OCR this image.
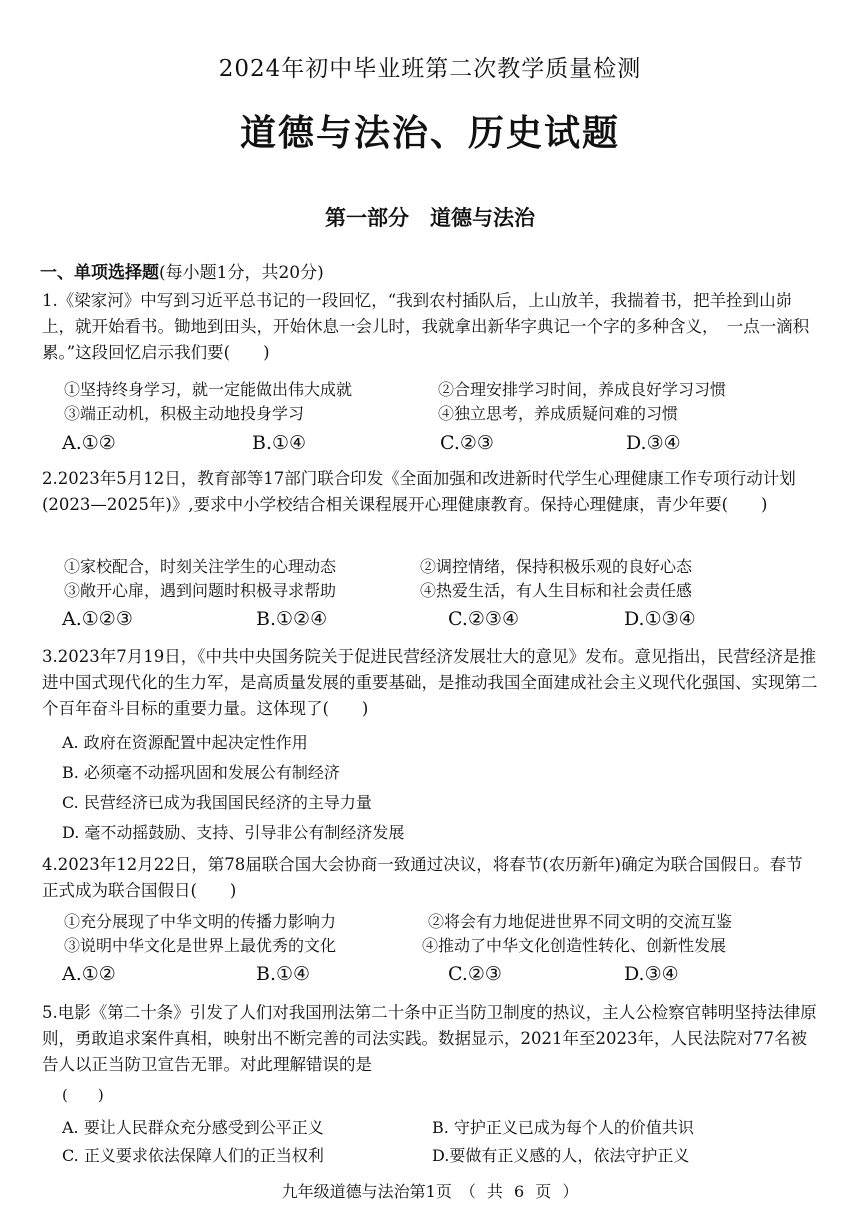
2024年初中毕业班第二次教学质量检测
道德与法治、历史试题
第一部分　道德与法治
一、单项选择题(每小题1分，共20分)
1.《梁家河》中写到习近平总书记的一段回忆，“我到农村插队后，上山放羊，我揣着书，把羊拴到山峁上，就开始看书。锄地到田头，开始休息一会儿时，我就拿出新华字典记一个字的多种含义，　一点一滴积累。”这段回忆启示我们要(　　)
①坚持终身学习，就一定能做出伟大成就	②合理安排学习时间，养成良好学习习惯
③端正动机，积极主动地投身学习	④独立思考，养成质疑问难的习惯
A.①②	B.①④	C.②③	D.③④
2.2023年5月12日，教育部等17部门联合印发《全面加强和改进新时代学生心理健康工作专项行动计划(2023—2025年)》,要求中小学校结合相关课程展开心理健康教育。保持心理健康，青少年要(　　)
①家校配合，时刻关注学生的心理动态	②调控情绪，保持积极乐观的良好心态
③敞开心扉，遇到问题时积极寻求帮助	④热爱生活，有人生目标和社会责任感
A.①②③	B.①②④	C.②③④	D.①③④
3.2023年7月19日，《中共中央国务院关于促进民营经济发展壮大的意见》发布。意见指出，民营经济是推进中国式现代化的生力军，是高质量发展的重要基础，是推动我国全面建成社会主义现代化强国、实现第二个百年奋斗目标的重要力量。这体现了(　　)
A. 政府在资源配置中起决定性作用
B. 必须毫不动摇巩固和发展公有制经济
C. 民营经济已成为我国国民经济的主导力量
D. 毫不动摇鼓励、支持、引导非公有制经济发展
4.2023年12月22日，第78届联合国大会协商一致通过决议，将春节(农历新年)确定为联合国假日。春节正式成为联合国假日(　　)
①充分展现了中华文明的传播力影响力	②将会有力地促进世界不同文明的交流互鉴
③说明中华文化是世界上最优秀的文化	④推动了中华文化创造性转化、创新性发展
A.①②	B.①④	C.②③	D.③④
5.电影《第二十条》引发了人们对我国刑法第二十条中正当防卫制度的热议，主人公检察官韩明坚持法律原则，勇敢追求案件真相，映射出不断完善的司法实践。数据显示，2021年至2023年，人民法院对77名被告人以正当防卫宣告无罪。对此理解错误的是
(　　)
A. 要让人民群众充分感受到公平正义	B. 守护正义已成为每个人的价值共识
C. 正义要求依法保障人们的正当权利	D.要做有正义感的人，依法守护正义
九年级道德与法治第1页　（ 共 6 页 ）
